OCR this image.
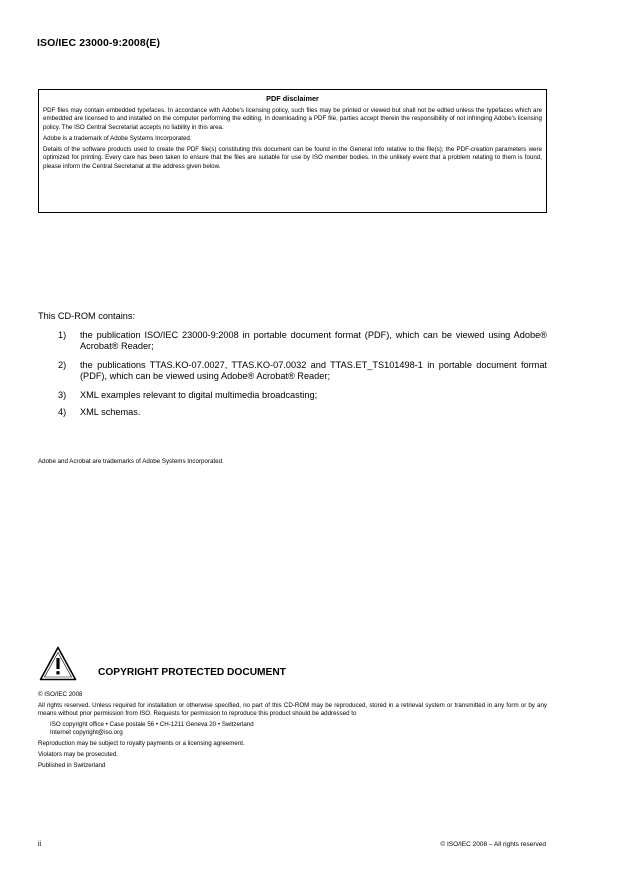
ISO/IEC 23000-9:2008(E)
PDF disclaimer

PDF files may contain embedded typefaces. In accordance with Adobe's licensing policy, such files may be printed or viewed but shall not be edited unless the typefaces which are embedded are licensed to and installed on the computer performing the editing. In downloading a PDF file, parties accept therein the responsibility of not infringing Adobe's licensing policy. The ISO Central Secretariat accepts no liability in this area.

Adobe is a trademark of Adobe Systems Incorporated.

Details of the software products used to create the PDF file(s) constituting this document can be found in the General Info relative to the file(s); the PDF-creation parameters were optimized for printing. Every care has been taken to ensure that the files are suitable for use by ISO member bodies. In the unlikely event that a problem relating to them is found, please inform the Central Secretariat at the address given below.

This CD-ROM contains:
1)	the publication ISO/IEC 23000-9:2008 in portable document format (PDF), which can be viewed using Adobe® Acrobat® Reader;
2)	the publications TTAS.KO-07.0027, TTAS.KO-07.0032 and TTAS.ET_TS101498-1 in portable document format (PDF), which can be viewed using Adobe® Acrobat® Reader;
3)	XML examples relevant to digital multimedia broadcasting;
4)	XML schemas.
Adobe and Acrobat are trademarks of Adobe Systems Incorporated.
COPYRIGHT PROTECTED DOCUMENT

© ISO/IEC 2008

All rights reserved. Unless required for installation or otherwise specified, no part of this CD-ROM may be reproduced, stored in a retrieval system or transmitted in any form or by any means without prior permission from ISO. Requests for permission to reproduce this product should be addressed to

ISO copyright office • Case postale 56 • CH-1211 Geneva 20 • Switzerland

Internet copyright@iso.org

Reproduction may be subject to royalty payments or a licensing agreement.

Violators may be prosecuted.

Published in Switzerland

ii	© ISO/IEC 2008 – All rights reserved
